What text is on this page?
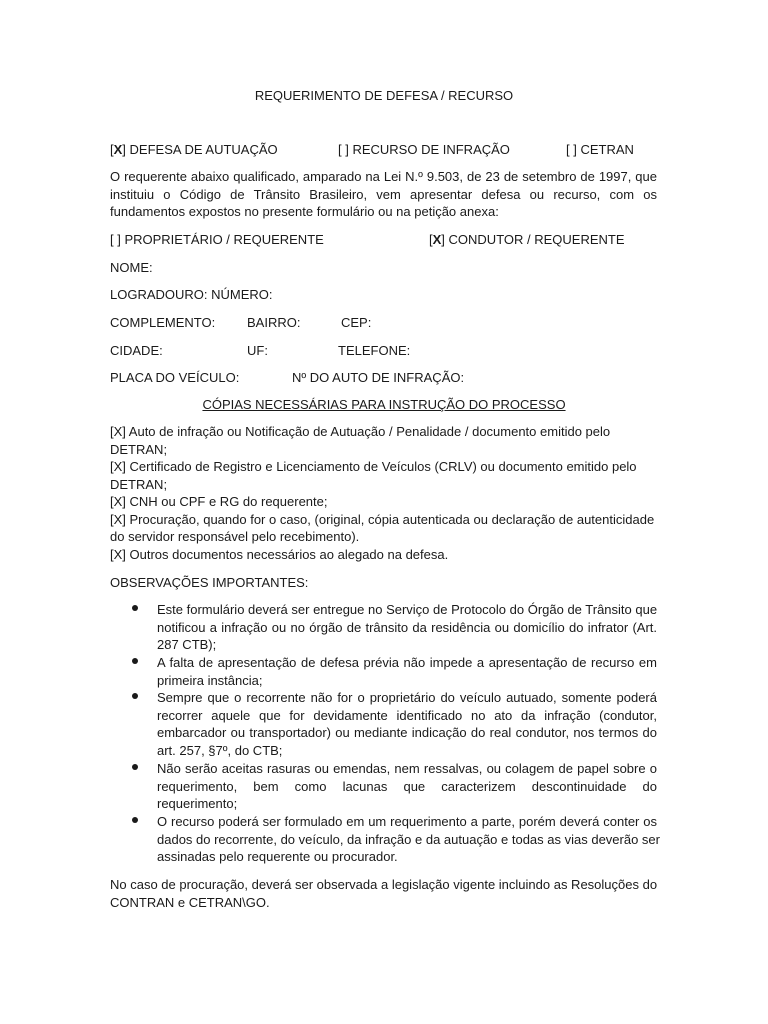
REQUERIMENTO DE DEFESA / RECURSO
[X] DEFESA DE AUTUAÇÃO	[ ] RECURSO DE INFRAÇÃO	[ ] CETRAN
O requerente abaixo qualificado, amparado na Lei N.º 9.503, de 23 de setembro de 1997, que
instituiu o Código de Trânsito Brasileiro, vem apresentar defesa ou recurso, com os
fundamentos expostos no presente formulário ou na petição anexa:
[ ] PROPRIETÁRIO / REQUERENTE	[X] CONDUTOR / REQUERENTE
NOME:
LOGRADOURO: NÚMERO:
COMPLEMENTO: BAIRRO:	CEP:
CIDADE:	UF:	TELEFONE:
PLACA DO VEÍCULO:	Nº DO AUTO DE INFRAÇÃO:
CÓPIAS NECESSÁRIAS PARA INSTRUÇÃO DO PROCESSO
[X] Auto de infração ou Notificação de Autuação / Penalidade / documento emitido pelo
DETRAN;
[X] Certificado de Registro e Licenciamento de Veículos (CRLV) ou documento emitido pelo
DETRAN;
[X] CNH ou CPF e RG do requerente;
[X] Procuração, quando for o caso, (original, cópia autenticada ou declaração de autenticidade
do servidor responsável pelo recebimento).
[X] Outros documentos necessários ao alegado na defesa.
OBSERVAÇÕES IMPORTANTES:
Este formulário deverá ser entregue no Serviço de Protocolo do Órgão de Trânsito que
notificou a infração ou no órgão de trânsito da residência ou domicílio do infrator (Art.
287 CTB);
A falta de apresentação de defesa prévia não impede a apresentação de recurso em
primeira instância;
Sempre que o recorrente não for o proprietário do veículo autuado, somente poderá
recorrer aquele que for devidamente identificado no ato da infração (condutor,
embarcador ou transportador) ou mediante indicação do real condutor, nos termos do
art. 257, §7º, do CTB;
Não serão aceitas rasuras ou emendas, nem ressalvas, ou colagem de papel sobre o
requerimento, bem como lacunas que caracterizem descontinuidade do
requerimento;
O recurso poderá ser formulado em um requerimento a parte, porém deverá conter os
dados do recorrente, do veículo, da infração e da autuação e todas as vias deverão ser
assinadas pelo requerente ou procurador.
No caso de procuração, deverá ser observada a legislação vigente incluindo as Resoluções do
CONTRAN e CETRAN\GO.
